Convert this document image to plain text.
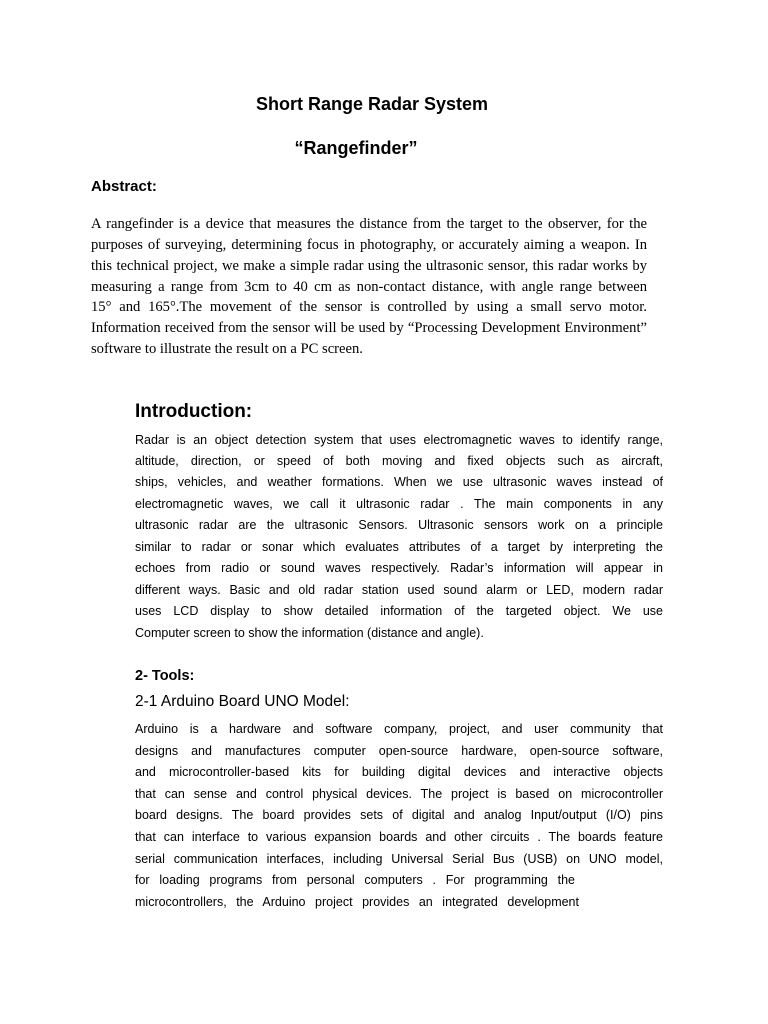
Short Range Radar System
“Rangefinder”
Abstract:
A rangefinder is a device that measures the distance from the target to the observer, for the
purposes of surveying, determining focus in photography, or accurately aiming a weapon. In
this technical project, we make a simple radar using the ultrasonic sensor, this radar works by
measuring a range from 3cm to 40 cm as non-contact distance, with angle range between
15° and 165°.The movement of the sensor is controlled by using a small servo motor.
Information received from the sensor will be used by “Processing Development Environment”
software to illustrate the result on a PC screen.
Introduction:
Radar is an object detection system that uses electromagnetic waves to identify range,
altitude, direction, or speed of both moving and fixed objects such as aircraft,
ships, vehicles, and weather formations. When we use ultrasonic waves instead of
electromagnetic waves, we call it ultrasonic radar . The main components in any
ultrasonic radar are the ultrasonic Sensors. Ultrasonic sensors work on a principle
similar to radar or sonar which evaluates attributes of a target by interpreting the
echoes from radio or sound waves respectively. Radar’s information will appear in
different ways. Basic and old radar station used sound alarm or LED, modern radar
uses LCD display to show detailed information of the targeted object. We use
Computer screen to show the information (distance and angle).
2- Tools:
2-1 Arduino Board UNO Model:
Arduino is a hardware and software company, project, and user community that
designs and manufactures computer open-source hardware, open-source software,
and microcontroller-based kits for building digital devices and interactive objects
that can sense and control physical devices. The project is based on microcontroller
board designs. The board provides sets of digital and analog Input/output (I/O) pins
that can interface to various expansion boards and other circuits . The boards feature
serial communication interfaces, including Universal Serial Bus (USB) on UNO model,
for loading programs from personal computers . For programming the
microcontrollers, the Arduino project provides an integrated development
